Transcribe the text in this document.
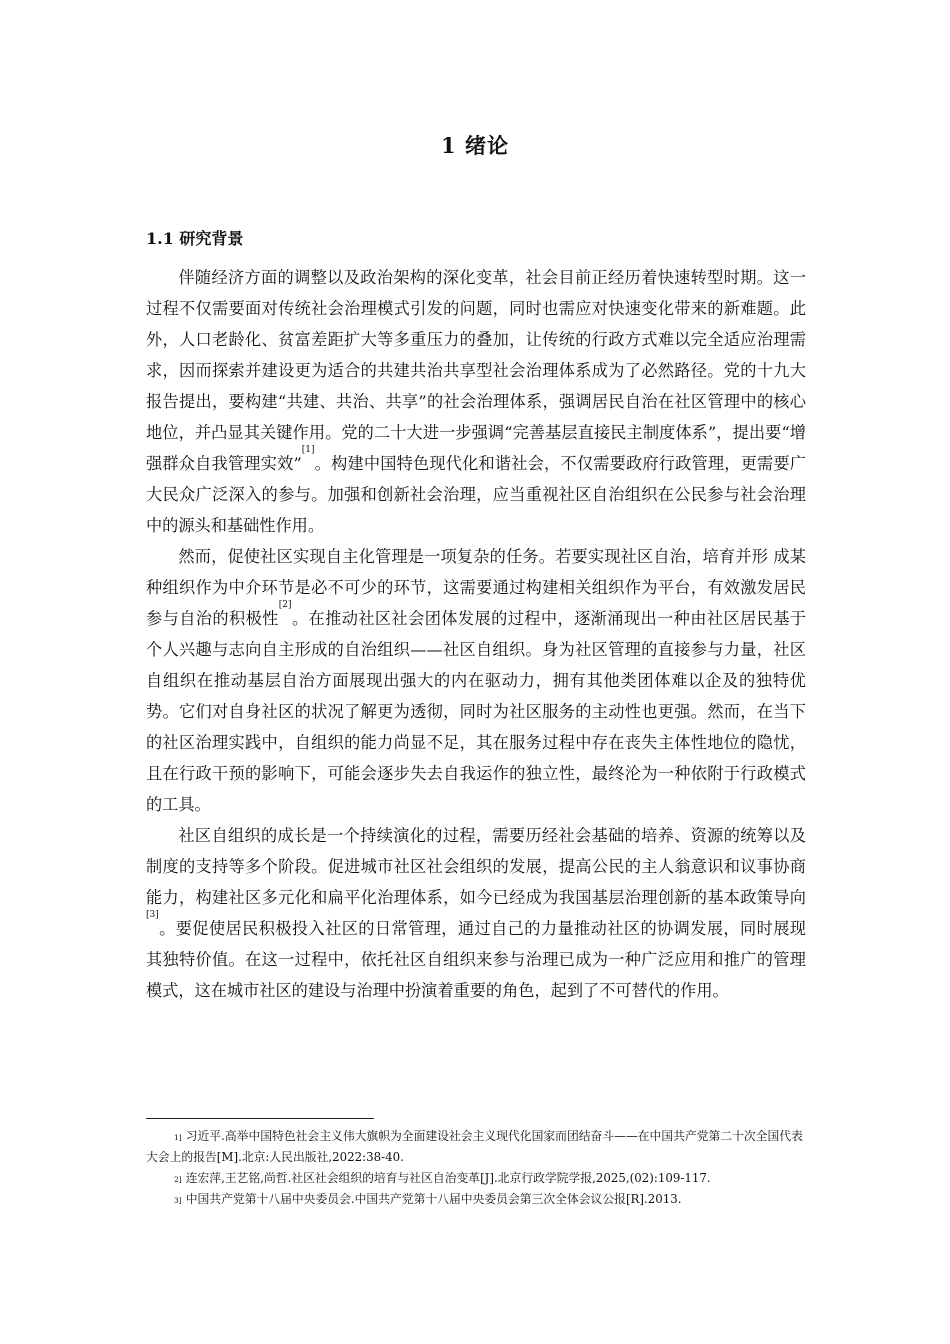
1 绪论
1.1 研究背景

伴随经济方面的调整以及政治架构的深化变革，社会目前正经历着快速转型时期。这一过程不仅需要面对传统社会治理模式引发的问题，同时也需应对快速变化带来的新难题。此外，人口老龄化、贫富差距扩大等多重压力的叠加，让传统的行政方式难以完全适应治理需求，因而探索并建设更为适合的共建共治共享型社会治理体系成为了必然路径。党的十九大报告提出，要构建“共建、共治、共享”的社会治理体系，强调居民自治在社区管理中的核心地位，并凸显其关键作用。党的二十大进一步强调“完善基层直接民主制度体系”，提出要“增强群众自我管理实效”[1]。构建中国特色现代化和谐社会，不仅需要政府行政管理，更需要广大民众广泛深入的参与。加强和创新社会治理，应当重视社区自治组织在公民参与社会治理中的源头和基础性作用。

然而，促使社区实现自主化管理是一项复杂的任务。若要实现社区自治，培育并形 成某种组织作为中介环节是必不可少的环节，这需要通过构建相关组织作为平台，有效激发居民参与自治的积极性[2]。在推动社区社会团体发展的过程中，逐渐涌现出一种由社区居民基于个人兴趣与志向自主形成的自治组织——社区自组织。身为社区管理的直接参与力量，社区自组织在推动基层自治方面展现出强大的内在驱动力，拥有其他类团体难以企及的独特优势。它们对自身社区的状况了解更为透彻，同时为社区服务的主动性也更强。然而，在当下的社区治理实践中，自组织的能力尚显不足，其在服务过程中存在丧失主体性地位的隐忧，且在行政干预的影响下，可能会逐步失去自我运作的独立性，最终沦为一种依附于行政模式的工具。

社区自组织的成长是一个持续演化的过程，需要历经社会基础的培养、资源的统筹以及制度的支持等多个阶段。促进城市社区社会组织的发展，提高公民的主人翁意识和议事协商能力，构建社区多元化和扁平化治理体系，如今已经成为我国基层治理创新的基本政策导向[3]。要促使居民积极投入社区的日常管理，通过自己的力量推动社区的协调发展，同时展现其独特价值。在这一过程中，依托社区自组织来参与治理已成为一种广泛应用和推广的管理模式，这在城市社区的建设与治理中扮演着重要的角色，起到了不可替代的作用。

$^{1]}$ 习近平.高举中国特色社会主义伟大旗帜为全面建设社会主义现代化国家而团结奋斗——在中国共产党第二十次全国代表大会上的报告[M].北京:人民出版社,2022:38-40.

$^{2]}$ 连宏萍,王艺铭,尚哲.社区社会组织的培育与社区自治变革[J].北京行政学院学报,2025,(02):109-117.

$^{3]}$ 中国共产党第十八届中央委员会.中国共产党第十八届中央委员会第三次全体会议公报[R].2013.
